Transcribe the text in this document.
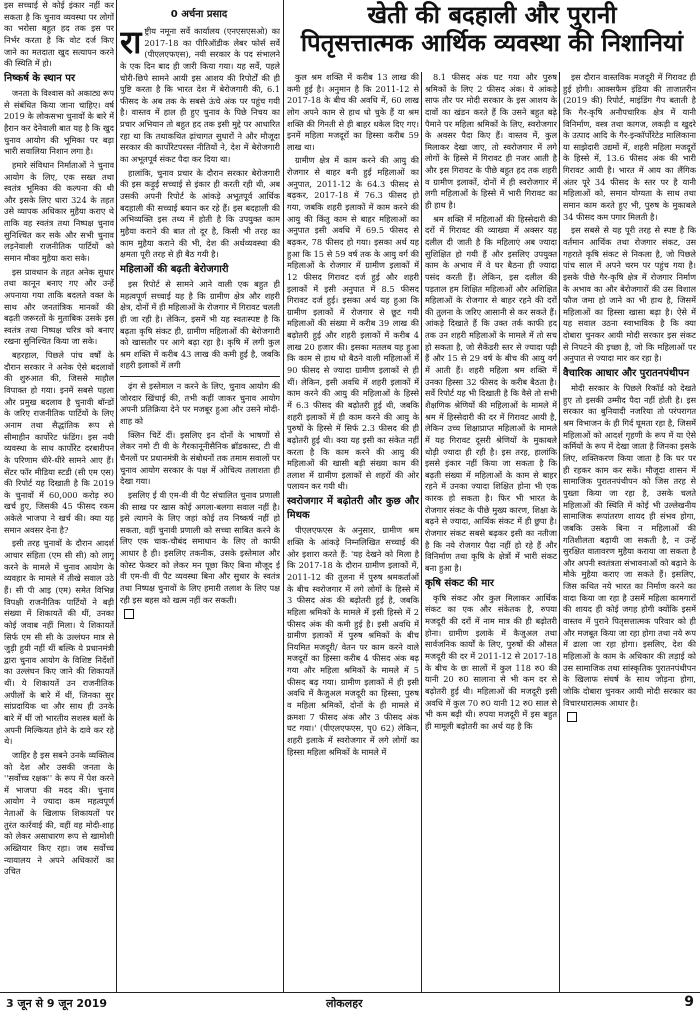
इस सच्चाई से कोई इंकार नहीं कर सकता है कि चुनाव व्यवस्था पर लोगों का भरोसा बहुत हद तक इस पर निर्भर करता है कि वोट दर्ज किए जाने का मतदाता खुद सत्यापन करने की स्थिति में हो।

निष्कर्ष के स्थान पर

जनता के विश्वास को अकाट्य रूप से संबंधित किया जाना चाहिए। वर्ष 2019 के लोकसभा चुनावों के बारे में हैरान कर देनेवाली बात यह है कि खुद चुनाव आयोग की भूमिका पर बड़ा भारी सवालिया निशान लगा है।

हमारे संविधान निर्माताओं ने चुनाव आयोग के लिए, एक सख्त तथा स्वतंत्र भूमिका की कल्पना की थी और इसके लिए धारा 324 के तहत उसे व्यापक अधिकार मुहैया कराए थे ताकि वह स्वतंत्र तथा निष्पक्ष चुनाव सुनिश्चित कर सके और सभी चुनाव लड़नेवाली राजनीतिक पार्टियों को समान मौका मुहैया करा सके।

इस प्रावधान के तहत अनेक सुधार तथा कानून बनाए गए और उन्हें अपनाया गया ताकि बदलते वक्त के साथ और जनतांत्रिक मानकों की बढ़ती जरूरतों के मुताबिक उसके इस स्वतंत्र तथा निष्पक्ष चरित्र को बनाए रखना सुनिश्चित किया जा सके।

बहरहाल, पिछले पांच वर्षों के दौरान सरकार ने अनेक ऐसे बदलावों की शुरुआत की, जिससे माहौल विपाक्त हो गया। इनमें सबसे पहला और प्रमुख बदलाव है चुनावी बॉन्डों के जरिए राजनीतिक पार्टियों के लिए अनाम तथा सैद्धांतिक रूप से सीमाहीन कार्पोरेट फंडिंग। इस नयी व्यवस्था के साथ कार्पोरेट दरबारीपन के परिणाम धीरे-धीरे सामने आए हैं। सेंटर फॉर मीडिया स्टडी (सी एम एस) की रिपोर्ट यह दिखाती है कि 2019 के चुनावों में 60,000 करोड़ रु0 खर्च हुए, जिसकी 45 फीसद रकम अकेले भाजपा ने खर्च की। क्या यह समान अवसर देना है?

इसी तरह चुनावों के दौरान आदर्श आचार संहिता (एम सी सी) को लागू करने के मामले में चुनाव आयोग के व्यवहार के मामले में तीखे सवाल उठे हैं। सी पी आइ (एम) समेत विभिन्न विपक्षी राजनीतिक पार्टियों ने बड़ी संख्या में शिकायतें की थीं, उनका कोई जवाब नहीं मिला। ये शिकायतें सिर्फ एम सी सी के उल्लंघन मात्र से जुड़ी हुयी नहीं थीं बल्कि ये प्रधानमंत्री द्वारा चुनाव आयोग के विशिष्ट निर्देशों का उल्लंघन किए जाने की शिकायतें थीं। ये शिकायतें उन राजनीतिक अपीलों के बारे में थीं, जिनका सुर सांप्रदायिक था और साथ ही उनके बारे में थीं जो भारतीय सशस्त्र बलों के अपनी मिल्कियत होने के दावे कर रहे थे।

जाहिर है इस सबने उनके व्यक्तित्व को देश और उसकी जनता के ''सर्वोच्च रक्षक'' के रूप में पेश करने में भाजपा की मदद की। चुनाव आयोग ने ज्यादा कम महत्वपूर्ण नेताओं के खिलाफ शिकायतों पर तुरंत कार्रवाई की, वहीं वह मोदी-शाह को लेकर असाधारण रूप से खामोशी अख्तियार किए रहा। जब सर्वोच्च न्यायालय ने अपने अधिकारों का उचित

0 अर्चना प्रसाद

राष्ट्रीय नमूना सर्वे कार्यालय (एनएसएसओ) का 2017-18 का पीरिऑडीक लेबर फोर्स सर्वे (पीएलएफएस), नयी सरकार के पद संभालने के एक दिन बाद ही जारी किया गया। यह सर्वे, पहले चोरी-छिपे सामने आयी इस आशय की रिपोर्टों की ही पुष्टि करता है कि भारत देश में बेरोजगारी की, 6.1 फीसद के अब तक के सबसे ऊंचे अंक पर पहुंच गयी है। वास्तव में हाल ही हुए चुनाव के पिछे निचय का प्रचार अभियान तो बहुत हद तक इसी मुद्दे पर आधारित रहा था कि तथाकथित ढ़ांचागत सुधारों ने और मौजूदा सरकार की कार्पोरेटपरस्त नीतियों ने, देश में बेरोजगारी का अभूतपूर्व संकट पैदा कर दिया था।

हालांकि, चुनाव प्रचार के दौरान सरकार बेरोजगारी की इस कड़ुई सच्चाई से इंकार ही करती रही थी, अब उसकी अपनी रिपोर्ट के आंकड़े अभूतपूर्व आर्थिक बदहाली की सच्चाई बयान कर रहे हैं। इस बदहाली की अभिव्यक्ति इस तथ्य में होती है कि उपयुक्त काम मुहैया कराने की बात तो दूर है, किसी भी तरह का काम मुहैया कराने की भी, देश की अर्थव्यवस्था की क्षमता पूरी तरह से ही बैठ गयी है।

महिलाओं की बढ़ती बेरोजगारी

इस रिपोर्ट से सामने आने वाली एक बहुत ही महत्वपूर्ण सच्चाई यह है कि ग्रामीण क्षेत्र और शहरी क्षेत्र, दोनों में ही महिलाओं के रोजगार में गिरावट चलती ही जा रही है। लेकिन, इसमें भी यह स्वतःस्पष्ट है कि बढ़ता कृषि संकट ही, ग्रामीण महिलाओं की बेरोजगारी को खासतौर पर आगे बढ़ा रहा है। कृषि में लगी कुल श्रम शक्ति में करीब 43 लाख की कमी हुई है, जबकि शहरी इलाकों में लगी

ढ़ंग से इस्तेमाल न करने के लिए, चुनाव आयोग की जोरदार खिंचाई की, तभी कहीं जाकर चुनाव आयोग अपनी प्रतिक्रिया देने पर मजबूर हुआ और उसने मोदी-शाह को

क्लिन चिटें दीं। इसलिए इन दोनों के भाषणों से लेकर नमो टी वी के गैरकानूनीसैनिक ब्रॉडकास्ट, टी वी चैनलों पर प्रधानमंत्री के संबोधनों तक तमाम सवालों पर चुनाव आयोग सरकार के पक्ष में ओचित्य तलाशता ही देखा गया।

इसलिए ई वी एम-वी वी पैट संचालित चुनाव प्रणाली की साख पर खास कोई अगला-बलगा सवाल नहीं है। इसे त्यागने के लिए जहां कोई तय निष्कर्ष नहीं हो सकता, वहीं चुनावी प्रणाली को सच्चा साबित करने के लिए एक चाक-चौबंद समाधान के लिए तो काफी आधार है ही। इसलिए तकनीक, उसके इस्तेमाल और कोस्ट फेक्टर को लेकर मन पूछा किए बिना मौजूद ई वी एम-वी वी पैट व्यवस्था बिना और सुधार के स्वतंत्र तथा निष्पक्ष चुनावों के लिए हमारी तलाश के लिए पक्ष रही इस बहस को खत्म नहीं कर सकती।

खेती की बदहाली और पुरानी
पितृसत्तात्मक आर्थिक व्यवस्था की निशानियां

कुल श्रम शक्ति में करीब 13 लाख की कमी हुई है। अनुमान है कि 2011-12 से 2017-18 के बीच की अवधि में, 60 लाख लोग अपने काम से हाथ धो चुके हैं या श्रम शक्ति की गिनती से ही बाहर धकेल दिए गए। इनमें महिला मजदूरों का हिस्सा करीब 59 लाख था।

ग्रामीण क्षेत्र में काम करने की आयु की रोजगार से बाहर बनी हुई महिलाओं का अनुपात, 2011-12 के 64.3 फीसद से बढ़कर, 2017-18 में 76.3 फीसद हो गया, जबकि शहरी इलाकों में काम करने की आयु की किंतु काम से बाहर महिलाओं का अनुपात इसी अवधि में 69.5 फीसद से बढ़कर, 78 फीसद हो गया। इसका अर्थ यह हुआ कि 15 से 59 वर्ष तक के आयु वर्ग की महिलाओं के रोजगार में ग्रामीण इलाकों में 12 फीसद गिरावट दर्ज हुई और शहरी इलाकों में इसी अनुपात में 8.5 फीसद गिरावट दर्ज हुई। इसका अर्थ यह हुआ कि ग्रामीण इलाकों में रोजगार से छूट गयी महिलाओं की संख्या में करीब 39 लाख की बढ़ोतरी हुई और शहरी इलाकों में करीब 4 लाख 20 हजार की। इसका मतलब यह हुआ कि काम से हाथ धो बैठने वाली महिलाओं में 90 फीसद से ज्यादा ग्रामीण इलाकों से ही थीं। लेकिन, इसी अवधि में शहरी इलाकों में काम करने की आयु की महिलाओं के हिस्से में 6.3 फीसद की बढ़ोतरी हुई थी, जबकि शहरी इलाकों में ही काम करने की आयु के पुरुषों के हिस्से में सिर्फ 2.3 फीसद की ही बढ़ोतरी हुई थी। क्या यह इसी का संकेत नहीं करता है कि काम करने की आयु की महिलाओं की खासी बड़ी संख्या काम की तलाश में ग्रामीण इलाकों से शहरों की ओर पलायन कर गयी थी।

स्वरोजगार में बढ़ोतरी और कुछ और मिथक

पीएलएफएस के अनुसार, ग्रामीण श्रम शक्ति के आंकड़े निम्नलिखित सच्चाई की ओर इशारा करते हैं: 'यह देखने को मिला है कि 2017-18 के दौरान ग्रामीण इलाकों में, 2011-12 की तुलना में पुरुष श्रमकर्ताओं के बीच स्वरोजगार में लगे लोगों के हिस्से में 3 फीसद अंक की बढ़ोतरी हुई है, जबकि महिला श्रमिकों के मामले में इसी हिस्से में 2 फीसद अंक की कमी हुई है। इसी अवधि में ग्रामीण इलाकों में पुरुष श्रमिकों के बीच नियमित मजदूरी/ वेतन पर काम करने वाले मजदूरों का हिस्सा करीब 4 फीसद अंक बढ़ गया और महिला श्रमिकों के मामले में 5 फीसद बढ़ गया। ग्रामीण इलाकों में ही इसी अवधि में कैजुअल मजदूरी का हिस्सा, पुरुष व महिला श्रमिकों, दोनों के ही मामले में क्रमशः 7 फीसद अंक और 3 फीसद अंक घट गया।' (पीएलएफएस, पृ0 62) लेकिन, शहरी इलाके में स्वरोजगार में लगे लोगों का हिस्सा महिला श्रमिकों के मामले में

8.1 फीसद अंक घट गया और पुरुष श्रमिकों के लिए 2 फीसद अंक। ये आंकड़े साफ तौर पर मोदी सरकार के इस आशय के दावों का खंडन करते हैं कि उसने बहुत बढ़े पैमाने पर महिला श्रमिकों के लिए, स्वरोजगार के अवसर पैदा किए हैं। वास्तव में, कुल मिलाकर देखा जाए, तो स्वरोजगार में लगे लोगों के हिस्से में गिरावट ही नजर आती है और इस गिरावट के पीछे बहुत हद तक शहरी व ग्रामीण इलाकों, दोनों में ही स्वरोजगार में लगी महिलाओं के हिस्से में भारी गिरावट का ही हाथ है।

श्रम शक्ति में महिलाओं की हिस्सेदारी की दरों में गिरावट की व्याख्या में अक्सर यह दलील दी जाती है कि महिलाएं अब ज्यादा सुशिक्षित हो गयी हैं और इसलिए उपयुक्त काम के अभाव में वे घर बैठना ही ज्यादा पसंद करती हैं। लेकिन, इस दलील की पड़ताल हम शिक्षित महिलाओं और अशिक्षित महिलाओं के रोजगार से बाहर रहने की दरों की तुलना के जरिए आसानी से कर सकते हैं। आंकड़े दिखाते हैं कि उक्त तर्क काफी हद तक उन शहरी महिलाओं के मामले में तो सच हो सकता है, जो सैकेंडरी स्तर से ज्यादा पढ़ी हैं और 15 से 29 वर्ष के बीच की आयु वर्ग में आती हैं। शहरी महिला श्रम शक्ति में उनका हिस्सा 32 फीसद के करीब बैठता है। सर्वे रिपोर्ट यह भी दिखाती है कि वैसे तो सभी शैक्षणिक श्रेणियों की महिलाओं के मामले में श्रम में हिस्सेदारी की दर में गिरावट आयी है, लेकिन उच्च शिक्षाप्राप्त महिलाओं के मामले में यह गिरावट दूसरी श्रेणियों के मुकाबले थोड़ी ज्यादा ही रही है। इस तरह, हालांकि इससे इंकार नहीं किया जा सकता है कि बढ़ती संख्या में महिलाओं के काम से बाहर रहने में उनका ज्यादा शिक्षित होना भी एक कारक हो सकता है। फिर भी भारत के रोजगार संकट के पीछे मुख्य कारण, शिक्षा के बढ़ने से ज्यादा, आर्थिक संकट में ही छुपा है। रोजगार संकट सबसे बढ़कर इसी का नतीजा है कि नये रोजगार पैदा नहीं हो रहे हैं और विनिर्माण तथा कृषि के क्षेत्रों में भारी संकट बना हुआ है।

कृषि संकट की मार

कृषि संकट और कुल मिलाकर आर्थिक संकट का एक और संकेतक है, रुपया मजदूरी की दरों में नाम मात्र की ही बढ़ोतरी होना। ग्रामीण इलाके में कैजुअल तथा सार्वजनिक कार्यों के लिए, पुरुषों की औसत मजदूरी की दर में 2011-12 से 2017-18 के बीच के छः सालों में कुल 118 रु0 की यानी 20 रु0 सालाना से भी कम दर से बढ़ोतरी हुई थी। महिलाओं की मजदूरी इसी अवधि में कुल 70 रु0 यानी 12 रु0 साल से भी कम बढ़ी थी। रुपया मजदूरी में इस बहुत ही मामूली बढ़ोतरी का अर्थ यह है कि

इस दौरान वास्तविक मजदूरी में गिरावट ही हुई होगी। आक्सफैम इंडिया की ताजातरीन (2019 की) रिपोर्ट, माइंडिंग गैप बताती है कि गैर-कृषि अनौपचारिक क्षेत्र में यानी विनिर्माण, वस्त्र तथा कागज, लकड़ी व खुदरे के उत्पाद आदि के गैर-इन्कॉर्पोरेटेड मालिकाना या साझेदारी उद्यमों में, शहरी महिला मजदूरों के हिस्से में, 13.6 फीसद अंक की भारी गिरावट आयी है। भारत में आय का लैंगिक अंतर पूरे 34 फीसद के स्तर पर है यानी महिलाओं को, समान योग्यता के साथ तथा समान काम करते हुए भी, पुरुष के मुकाबले 34 फीसद कम पगार मिलती है।

इस सबसे से यह पूरी तरह से स्पष्ट है कि वर्तमान आर्थिक तथा रोजगार संकट, उस गहराते कृषि संकट से निकला है, जो पिछले पांच साल में अपने चरम पर पहुंच गया है। इसके पीछे गैर-कृषि क्षेत्र में रोजगार निर्माण के अभाव का और बेरोजगारों की उस विशाल फौज जमा हो जाने का भी हाथ है, जिसमें महिलाओं का हिस्सा खासा बढ़ा है। ऐसे में यह सवाल उठना स्वाभाविक है कि क्या दोबारा चुनकर आयी मोदी सरकार इस संकट से निपटने की इच्छा है, जो कि महिलाओं पर अनुपात से ज्यादा मार कर रहा है।

वैचारिक आधार और पुरातनपंथीपन

मोदी सरकार के पिछले रिकॉर्ड को देखते हुए तो इसकी उम्मीद पैदा नहीं होती है। इस सरकार का बुनियादी नजरिया तो परंपरागत श्रम विभाजन के ही गिर्द घूमता रहा है, जिसमें महिलाओं को आदर्श गृहणी के रूप में या ऐसे कर्मियों के रूप में देखा जाता है जिनका इसके लिए, शक्तिकरण किया जाता है कि घर पर ही रहकर काम कर सकें। मौजूदा शासन में सामाजिक पुरातनपंथीपन को जिस तरह से पुख्ता किया जा रहा है, उसके चलते महिलाओं की स्थिति में कोई भी उल्लेखनीय सामाजिक रूपांतरण शायद ही संभव होगा, जबकि उसके बिना न महिलाओं की गतिशीलता बढ़ायी जा सकती है, न उन्हें सुरक्षित वातावरण मुहैया कराया जा सकता है और अपनी स्वतंत्रता संभावनाओं को बढ़ाने के मौके मुहैया कराए जा सकते हैं। इसलिए, जिस कथित नये भारत का निर्माण करने का वादा किया जा रहा है उसमें महिला कामगारों की शायद ही कोई जगह होगी क्योंकि इसमें वास्तव में पुराने पितृसत्तात्मक परिवार को ही और मजबूत किया जा रहा होगा तथा नये रूप में ढाला जा रहा होगा। इसलिए, देश की महिलाओं के काम के अधिकार की लड़ाई को उस सामाजिक तथा सांस्कृतिक पुरातनपंथीपन के खिलाफ संघर्ष के साथ जोड़ना होगा, जोकि दोबारा चुनकर आयी मोदी सरकार का विचारधारात्मक आधार है।

3 जून से 9 जून 2019	लोकलहर	9
